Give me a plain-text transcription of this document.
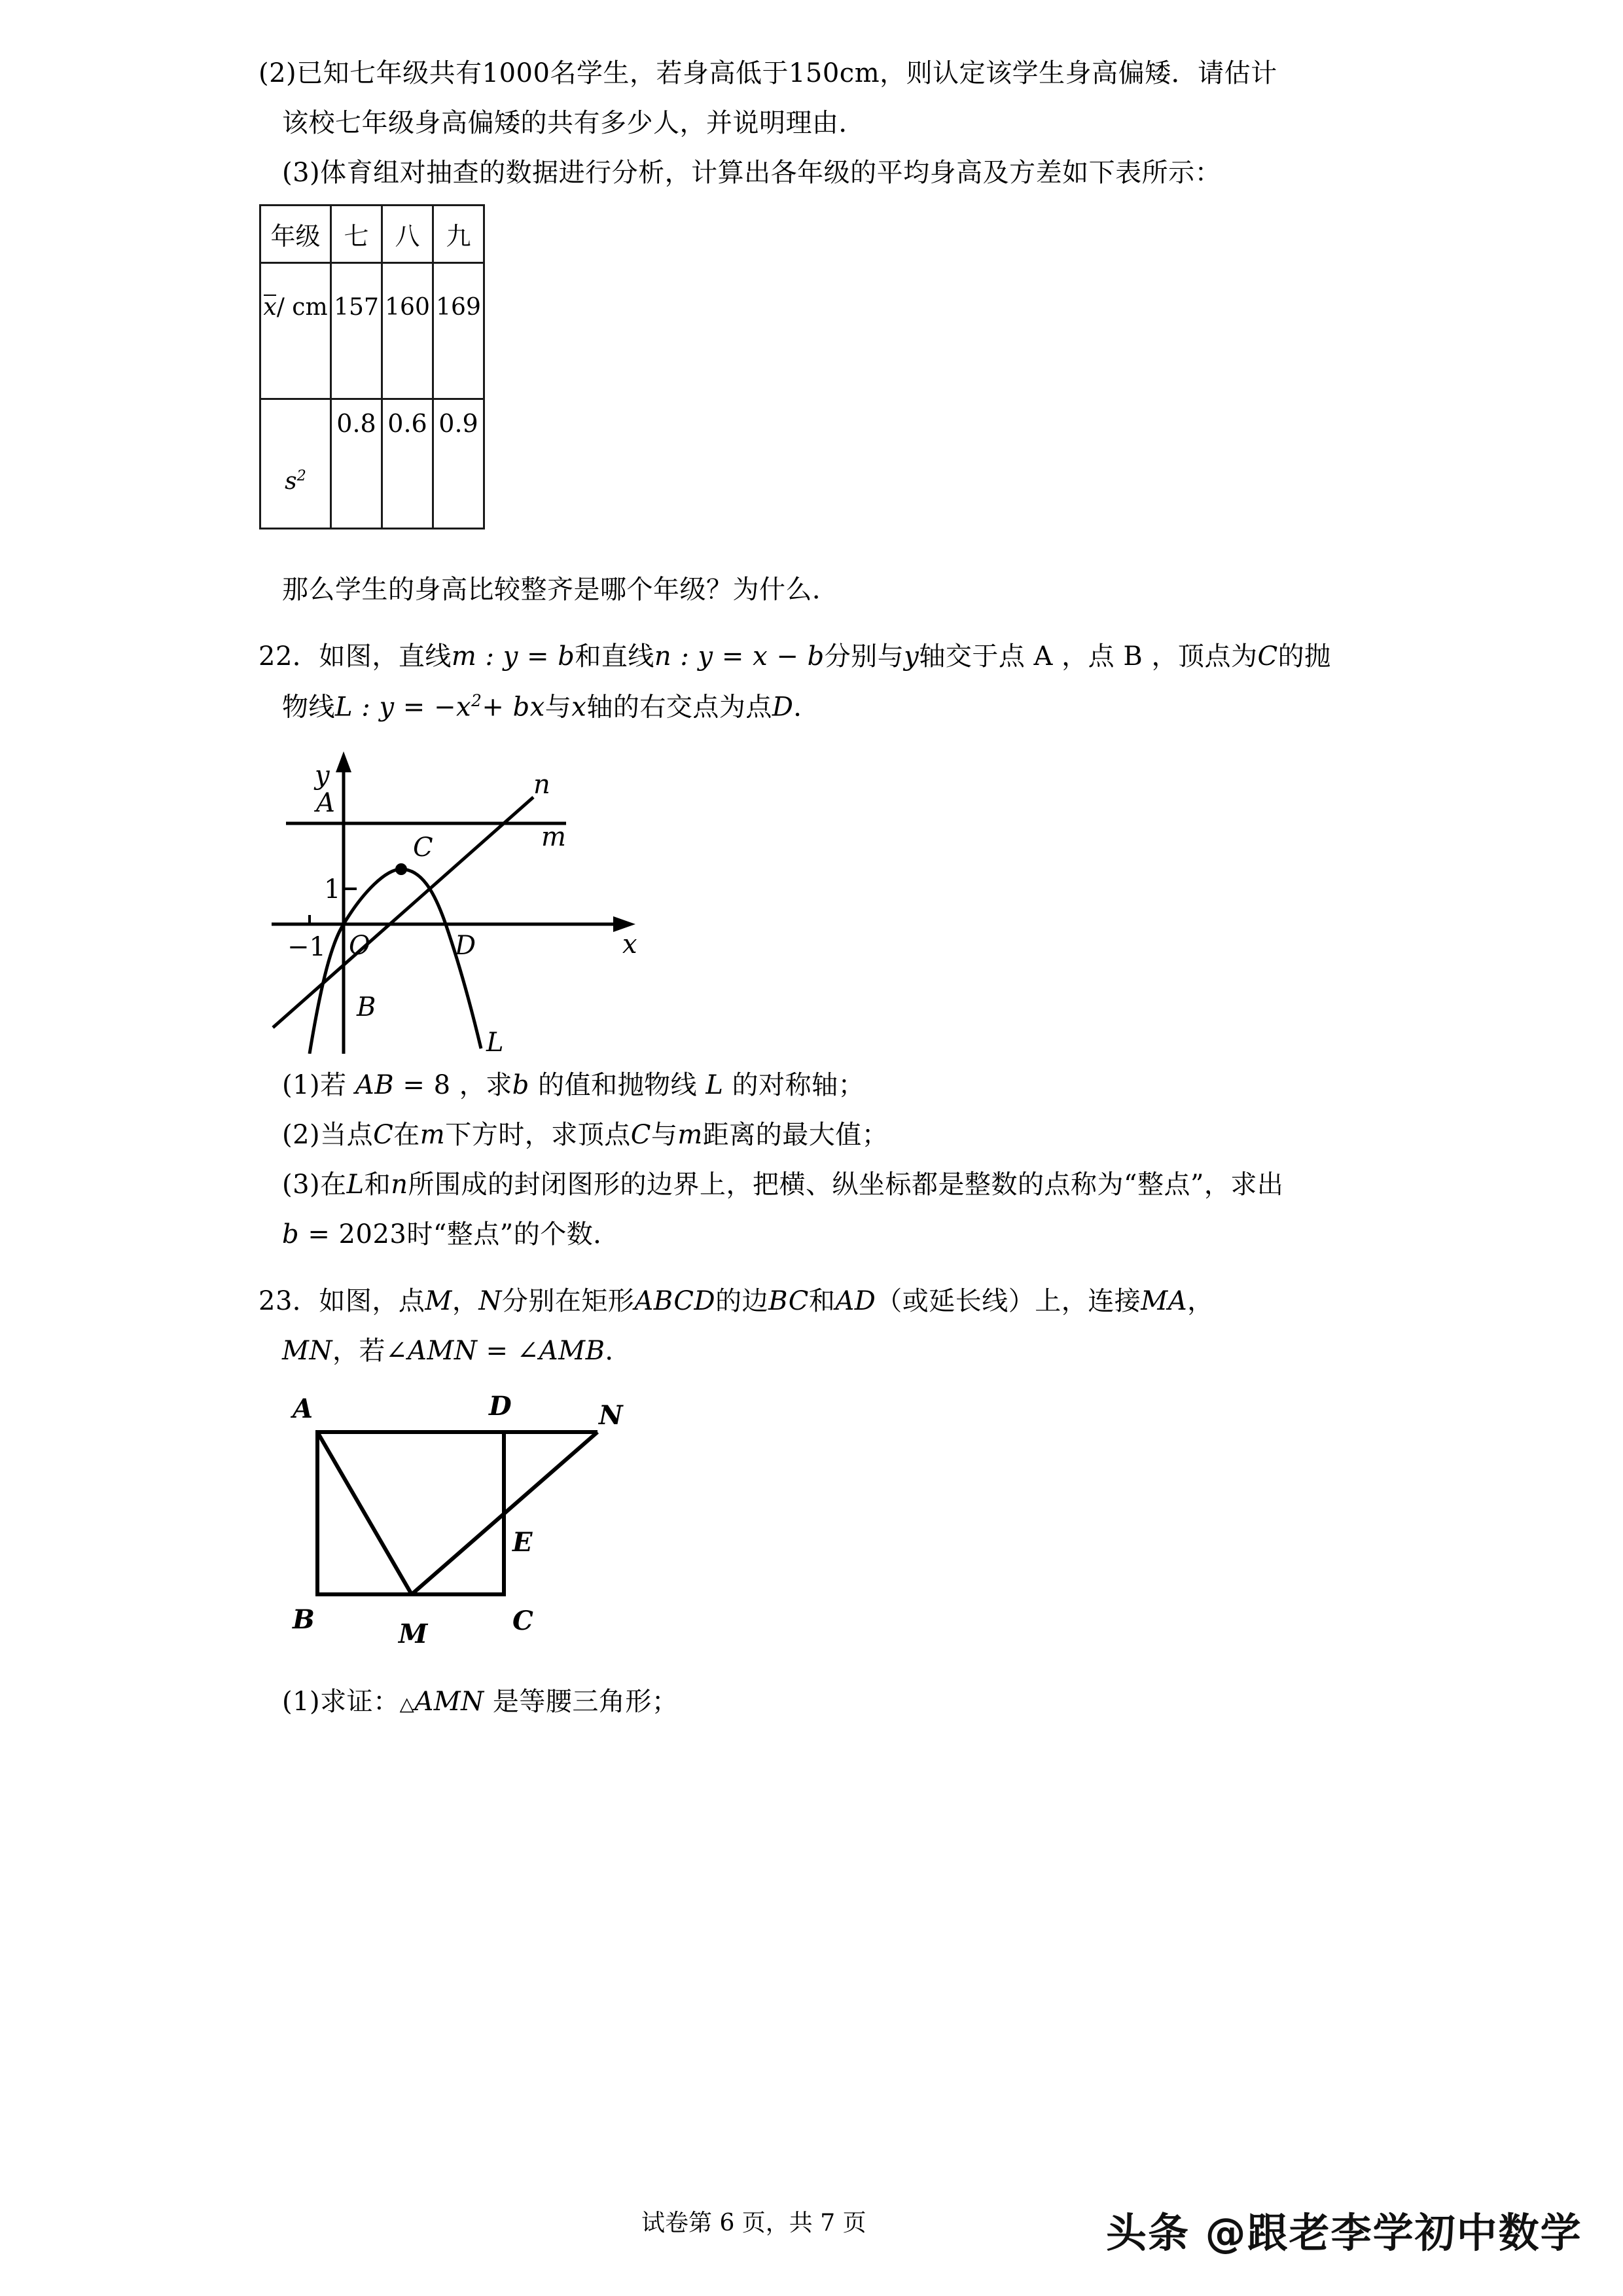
(2)已知七年级共有1000名学生，若身高低于150cm，则认定该学生身高偏矮．请估计
该校七年级身高偏矮的共有多少人，并说明理由．
(3)体育组对抽查的数据进行分析，计算出各年级的平均身高及方差如下表所示：
年级	七	八	九
x/ cm	157	160	169
$s^2$	0.8	0.6	0.9
那么学生的身高比较整齐是哪个年级？为什么．
22．如图，直线m : y = b和直线n : y = x − b分别与y轴交于点 A ，点 B ，顶点为C的抛
物线L : $y = -x^2+$ bx与x轴的右交点为点D．
y
x
A
C
B
D
O
−1
1
n
m
L
(1)若 AB = 8 ，求b 的值和抛物线 L 的对称轴；
(2)当点C在m下方时，求顶点C与m距离的最大值；
(3)在L和n所围成的封闭图形的边界上，把横、纵坐标都是整数的点称为“整点”，求出
b = 2023时“整点”的个数．
23．如图，点M，N分别在矩形ABCD的边BC和AD（或延长线）上，连接MA，
MN，若∠AMN = ∠AMB．
A
B	C
D
M
N
E
(1)求证：△AMN 是等腰三角形；
试卷第 6 页，共 7 页	头条 @跟老李学初中数学
